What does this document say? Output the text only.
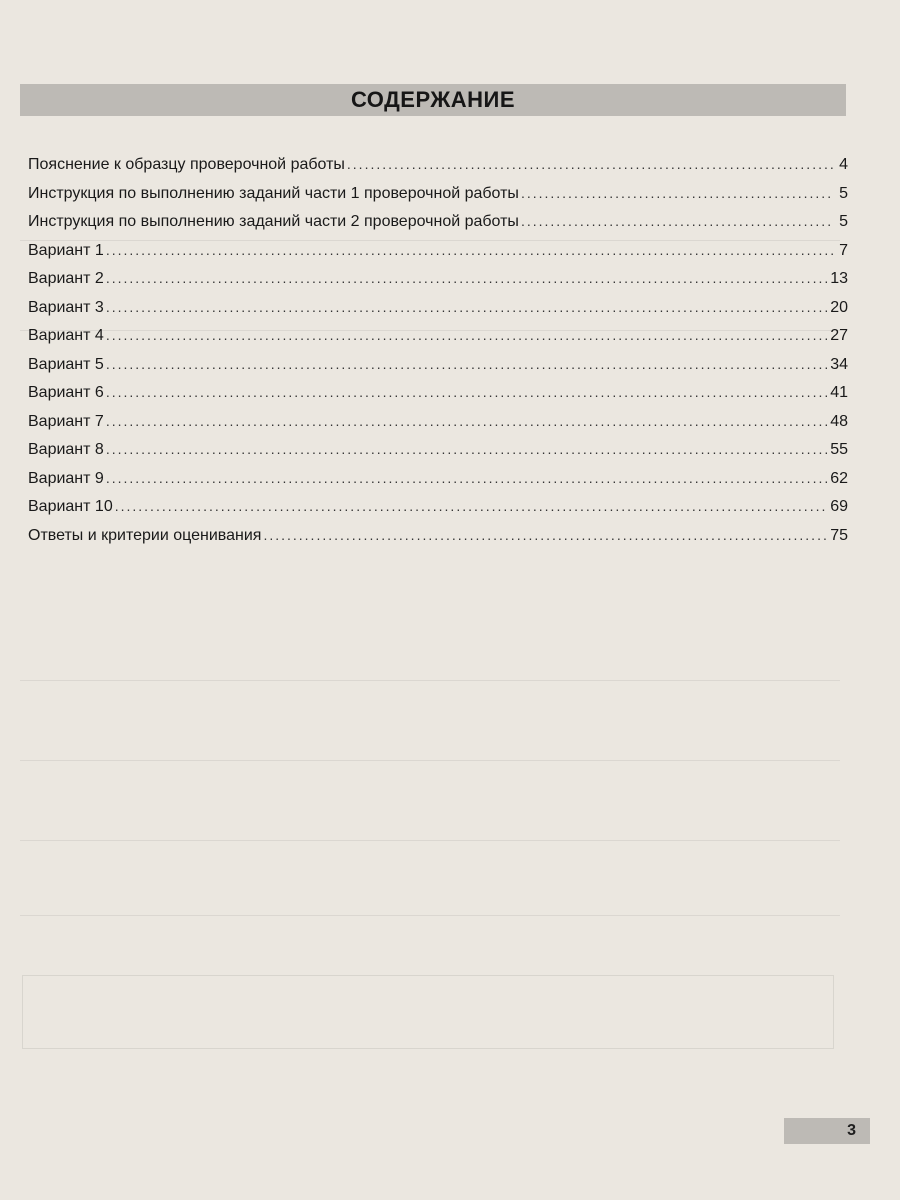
СОДЕРЖАНИЕ
Пояснение к образцу проверочной работы .....	4
Инструкция по выполнению заданий части 1 проверочной работы .....	5
Инструкция по выполнению заданий части 2 проверочной работы .....	5
Вариант 1 .....	7
Вариант 2 .....	13
Вариант 3 .....	20
Вариант 4 .....	27
Вариант 5 .....	34
Вариант 6 .....	41
Вариант 7 .....	48
Вариант 8 .....	55
Вариант 9 .....	62
Вариант 10 .....	69
Ответы и критерии оценивания .....	75
3
